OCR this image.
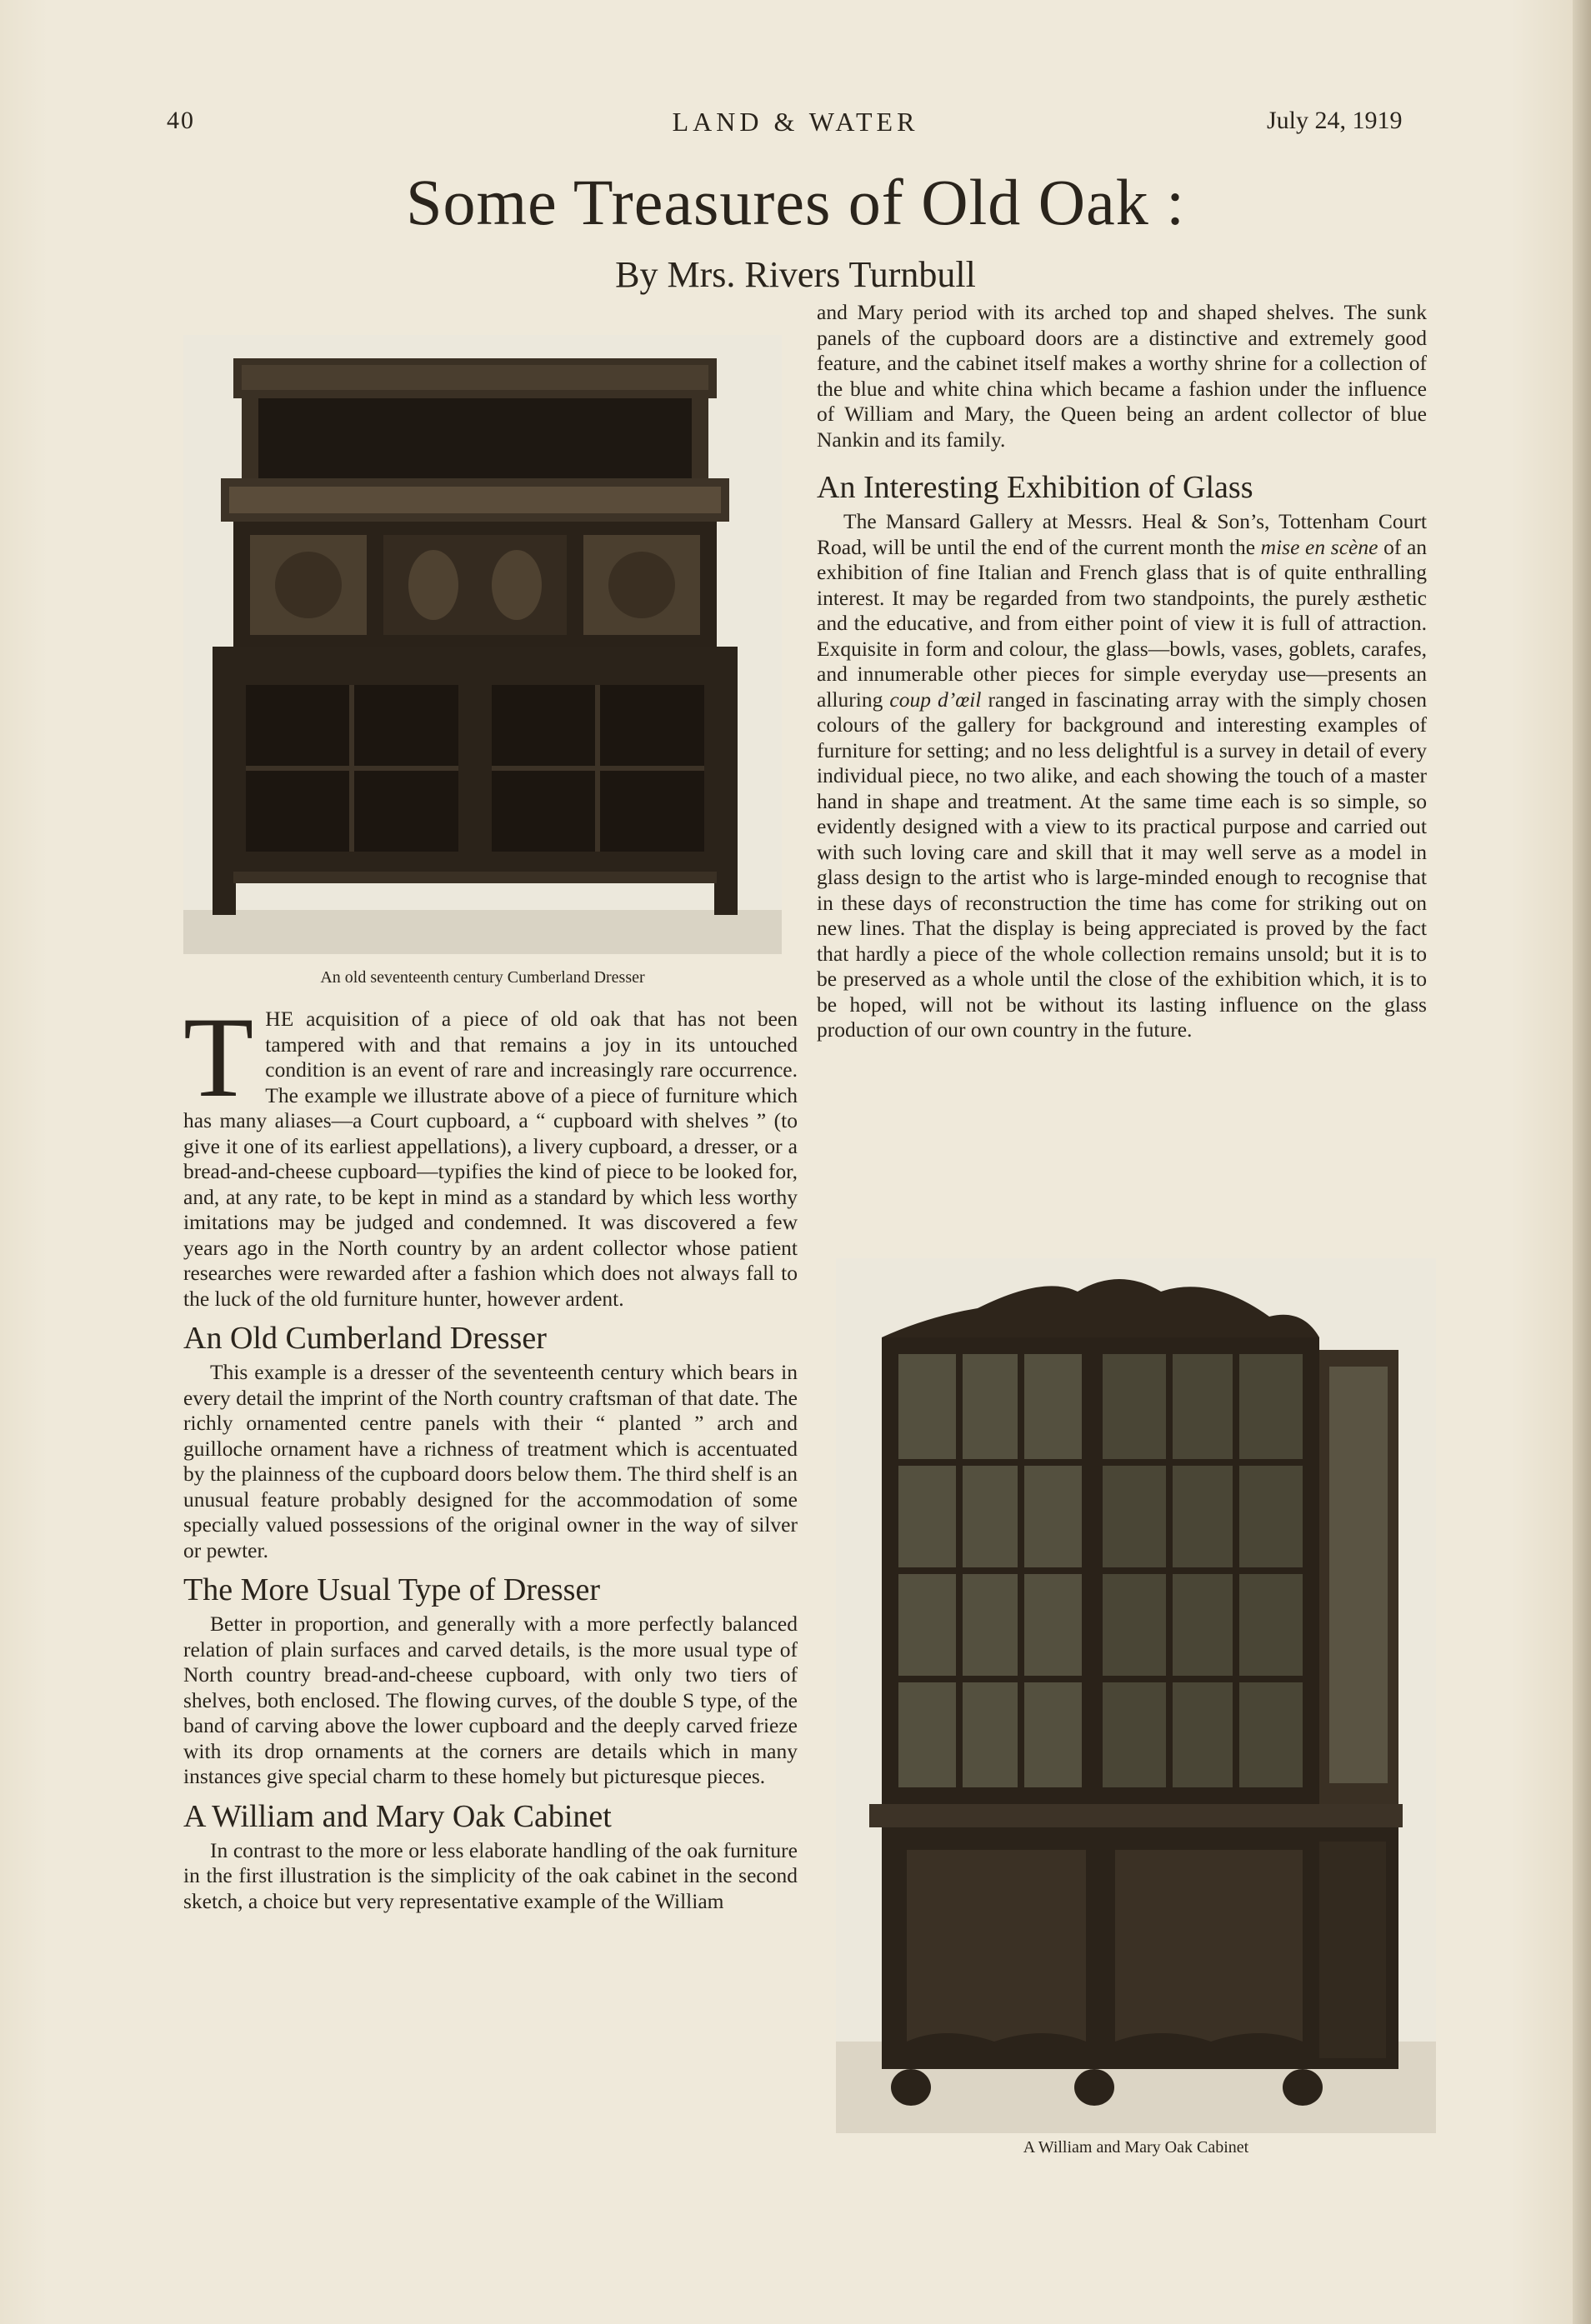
40	LAND & WATER	July 24, 1919
Some Treasures of Old Oak :
By Mrs. Rivers Turnbull
An old seventeenth century Cumberland Dresser
A William and Mary Oak Cabinet

THE acquisition of a piece of old oak that has not been tampered with and that remains a joy in its untouched condition is an event of rare and increasingly rare occurrence. The example we illustrate above of a piece of furniture which has many aliases—a Court cupboard, a “ cupboard with shelves ” (to give it one of its earliest appellations), a livery cupboard, a dresser, or a bread-and-cheese cupboard—typifies the kind of piece to be looked for, and, at any rate, to be kept in mind as a standard by which less worthy imitations may be judged and condemned. It was discovered a few years ago in the North country by an ardent collector whose patient researches were rewarded after a fashion which does not always fall to the luck of the old furniture hunter, however ardent.

An Old Cumberland Dresser

This example is a dresser of the seventeenth century which bears in every detail the imprint of the North country craftsman of that date. The richly ornamented centre panels with their “ planted ” arch and guilloche ornament have a richness of treatment which is accentuated by the plainness of the cupboard doors below them. The third shelf is an unusual feature probably designed for the accommodation of some specially valued possessions of the original owner in the way of silver or pewter.

The More Usual Type of Dresser

Better in proportion, and generally with a more perfectly balanced relation of plain surfaces and carved details, is the more usual type of North country bread-and-cheese cupboard, with only two tiers of shelves, both enclosed. The flowing curves, of the double S type, of the band of carving above the lower cupboard and the deeply carved frieze with its drop ornaments at the corners are details which in many instances give special charm to these homely but picturesque pieces.

A William and Mary Oak Cabinet

In contrast to the more or less elaborate handling of the oak furniture in the first illustration is the simplicity of the oak cabinet in the second sketch, a choice but very representative example of the William

and Mary period with its arched top and shaped shelves. The sunk panels of the cupboard doors are a distinctive and extremely good feature, and the cabinet itself makes a worthy shrine for a collection of the blue and white china which became a fashion under the influence of William and Mary, the Queen being an ardent collector of blue Nankin and its family.

An Interesting Exhibition of Glass

The Mansard Gallery at Messrs. Heal & Son’s, Tottenham Court Road, will be until the end of the current month the mise en scène of an exhibition of fine Italian and French glass that is of quite enthralling interest. It may be regarded from two standpoints, the purely æsthetic and the educative, and from either point of view it is full of attraction. Exquisite in form and colour, the glass—bowls, vases, goblets, carafes, and innumerable other pieces for simple everyday use—presents an alluring coup d’œil ranged in fascinating array with the simply chosen colours of the gallery for background and interesting examples of furniture for setting; and no less delightful is a survey in detail of every individual piece, no two alike, and each showing the touch of a master hand in shape and treatment. At the same time each is so simple, so evidently designed with a view to its practical purpose and carried out with such loving care and skill that it may well serve as a model in glass design to the artist who is large-minded enough to recognise that in these days of reconstruction the time has come for striking out on new lines. That the display is being appreciated is proved by the fact that hardly a piece of the whole collection remains unsold; but it is to be preserved as a whole until the close of the exhibition which, it is to be hoped, will not be without its lasting influence on the glass production of our own country in the future.
